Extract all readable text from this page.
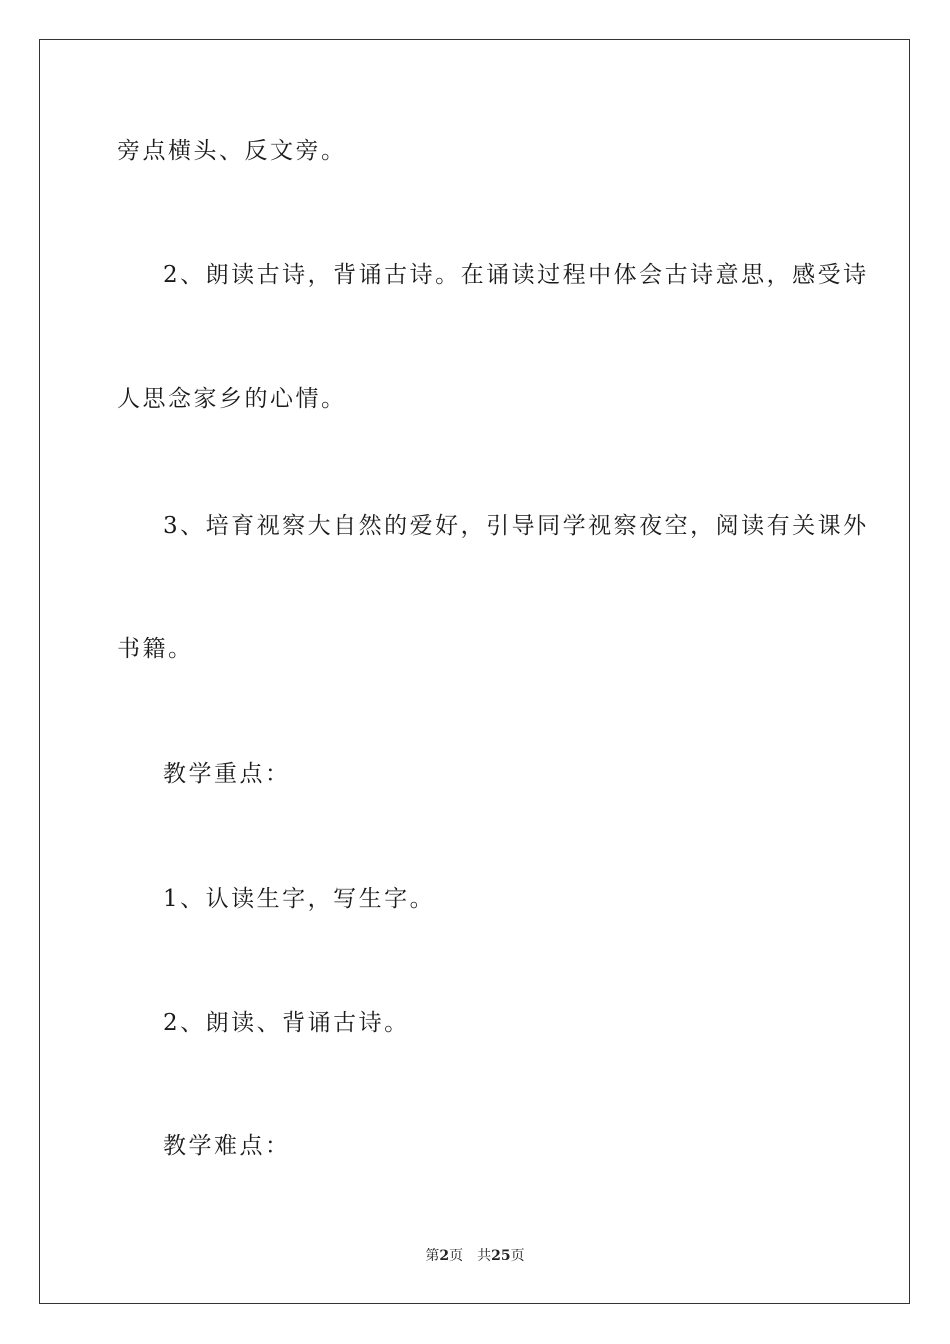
旁点横头、反文旁。
2、朗读古诗，背诵古诗。在诵读过程中体会古诗意思，感受诗
人思念家乡的心情。
3、培育视察大自然的爱好，引导同学视察夜空，阅读有关课外
书籍。
教学重点：
1、认读生字，写生字。
2、朗读、背诵古诗。
教学难点：
第2页 共25页
